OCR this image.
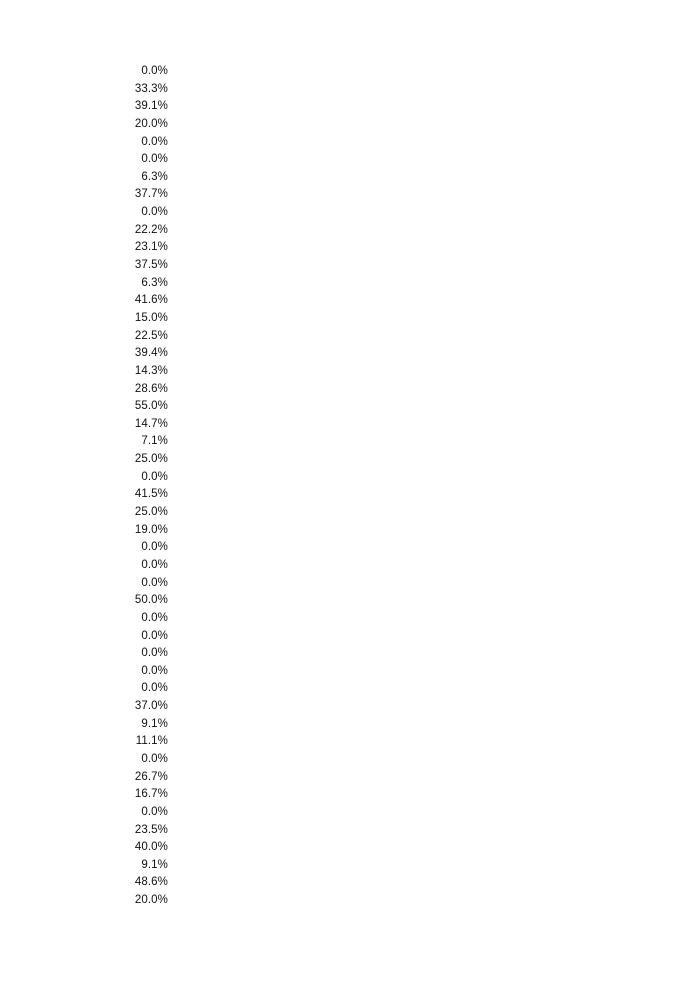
0.0%
33.3%
39.1%
20.0%
0.0%
0.0%
6.3%
37.7%
0.0%
22.2%
23.1%
37.5%
6.3%
41.6%
15.0%
22.5%
39.4%
14.3%
28.6%
55.0%
14.7%
7.1%
25.0%
0.0%
41.5%
25.0%
19.0%
0.0%
0.0%
0.0%
50.0%
0.0%
0.0%
0.0%
0.0%
0.0%
37.0%
9.1%
11.1%
0.0%
26.7%
16.7%
0.0%
23.5%
40.0%
9.1%
48.6%
20.0%
